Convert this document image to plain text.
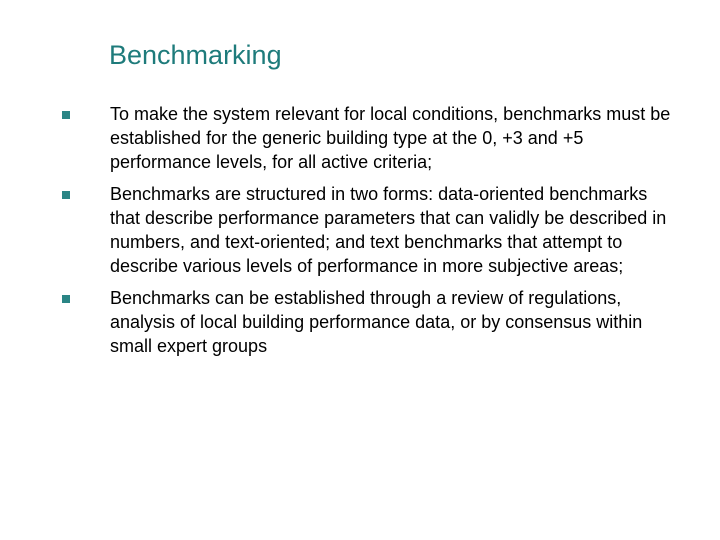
Benchmarking
To make the system relevant for local conditions, benchmarks must be established for the generic building type at the 0, +3 and +5 performance levels, for all active criteria;
Benchmarks are structured in two forms: data-oriented benchmarks that describe performance parameters that can validly be described in numbers, and text-oriented; and text benchmarks that attempt to describe various levels of performance in more subjective areas;
Benchmarks can be established through a review of regulations, analysis of local building performance data, or by consensus within small expert groups
